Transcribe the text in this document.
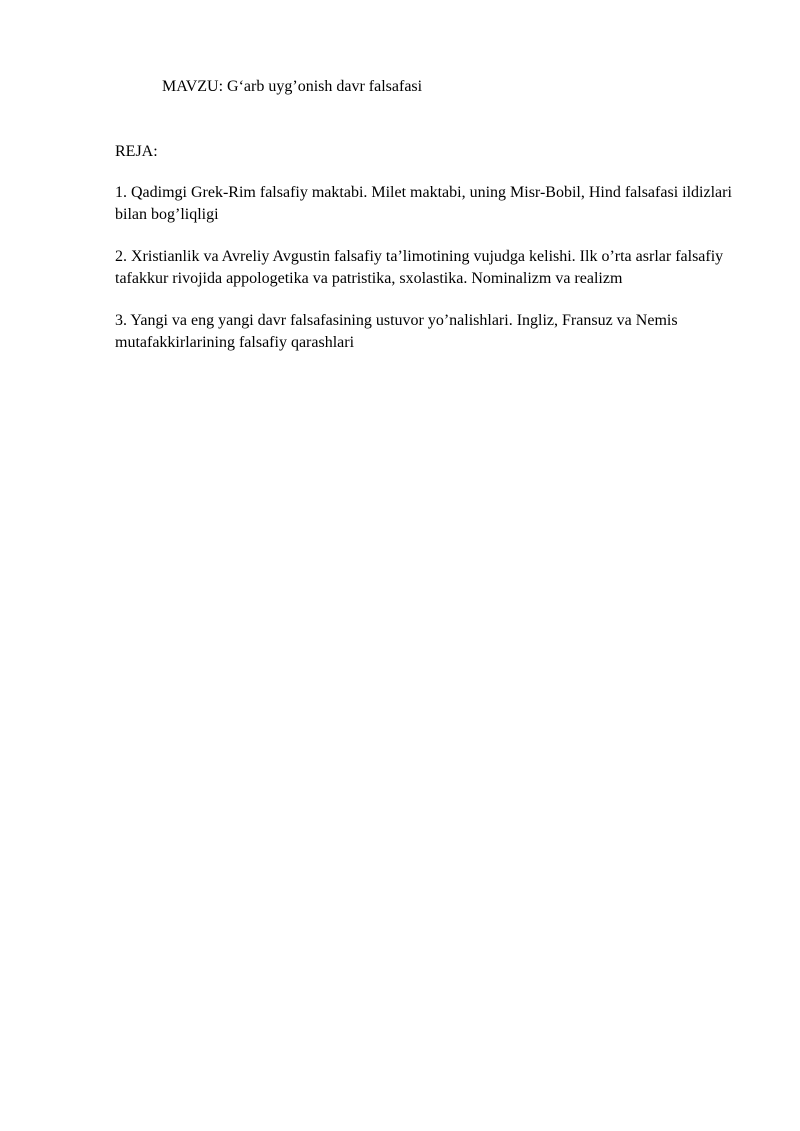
MAVZU: G‘arb uyg’onish davr falsafasi
REJA:
1. Qadimgi Grek-Rim falsafiy maktabi. Milet maktabi, uning Misr-Bobil, Hind falsafasi ildizlari bilan bog’liqligi
2. Xristianlik va Avreliy Avgustin falsafiy ta’limotining vujudga kelishi. Ilk o’rta asrlar falsafiy tafakkur rivojida appologetika va patristika, sxolastika. Nominalizm va realizm
3. Yangi va eng yangi davr falsafasining ustuvor yo’nalishlari. Ingliz, Fransuz va Nemis mutafakkirlarining falsafiy qarashlari
